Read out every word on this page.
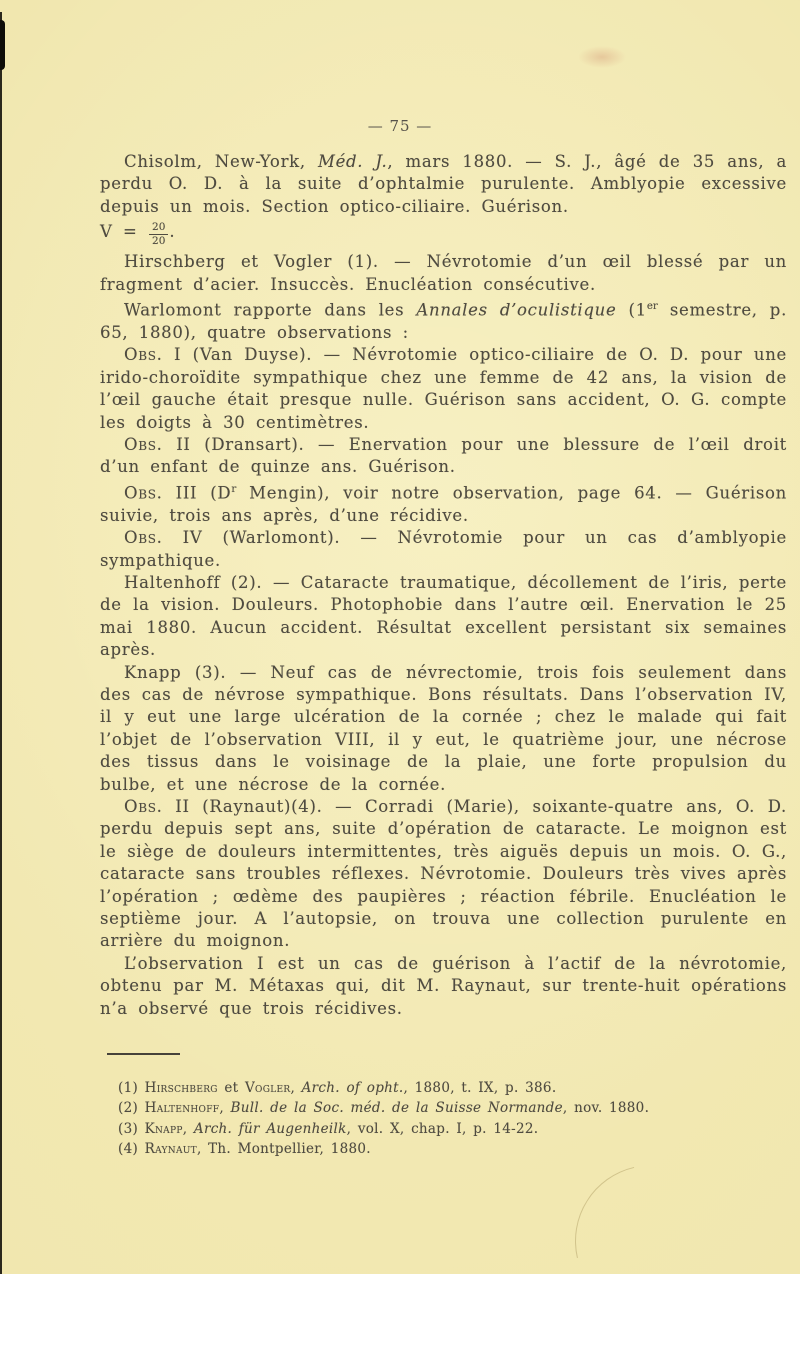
— 75 —

Chisolm, New-York, Méd. J., mars 1880. — S. J., âgé de 35 ans, a perdu O. D. à la suite d’ophtalmie purulente. Amblyopie excessive depuis un mois. Section optico-ciliaire. Guérison.

$V = \frac{20}{20}$ .

Hirschberg et Vogler (1). — Névrotomie d’un œil blessé par un fragment d’acier. Insuccès. Enucléation consécutive.

Warlomont rapporte dans les Annales d’oculistique (1er semestre, p. 65, 1880), quatre observations :

Obs. I (Van Duyse). — Névrotomie optico-ciliaire de O. D. pour une irido-choroïdite sympathique chez une femme de 42 ans, la vision de l’œil gauche était presque nulle. Guérison sans accident, O. G. compte les doigts à 30 centimètres.

Obs. II (Dransart). — Enervation pour une blessure de l’œil droit d’un enfant de quinze ans. Guérison.

Obs. III ($D^r$ Mengin), voir notre observation, page 64. — Guérison suivie, trois ans après, d’une récidive.

Obs. IV (Warlomont). — Névrotomie pour un cas d’amblyopie sympathique.

Haltenhoff (2). — Cataracte traumatique, décollement de l’iris, perte de la vision. Douleurs. Photophobie dans l’autre œil. Enervation le 25 mai 1880. Aucun accident. Résultat excellent persistant six semaines après.

Knapp (3). — Neuf cas de névrectomie, trois fois seulement dans des cas de névrose sympathique. Bons résultats. Dans l’observation IV, il y eut une large ulcération de la cornée ; chez le malade qui fait l’objet de l’observation VIII, il y eut, le quatrième jour, une nécrose des tissus dans le voisinage de la plaie, une forte propulsion du bulbe, et une nécrose de la cornée.

Obs. II (Raynaut)(4). — Corradi (Marie), soixante-quatre ans, O. D. perdu depuis sept ans, suite d’opération de cataracte. Le moignon est le siège de douleurs intermittentes, très aiguës depuis un mois. O. G., cataracte sans troubles réflexes. Névrotomie. Douleurs très vives après l’opération ; œdème des paupières ; réaction fébrile. Enucléation le septième jour. A l’autopsie, on trouva une collection purulente en arrière du moignon.

L’observation I est un cas de guérison à l’actif de la névrotomie, obtenu par M. Métaxas qui, dit M. Raynaut, sur trente-huit opérations n’a observé que trois récidives.

(1) Hirschberg et Vogler, Arch. of opht., 1880, t. IX, p. 386.
(2) Haltenhoff, Bull. de la Soc. méd. de la Suisse Normande, nov. 1880.
(3) Knapp, Arch. für Augenheilk, vol. X, chap. I, p. 14-22.
(4) Raynaut, Th. Montpellier, 1880.
